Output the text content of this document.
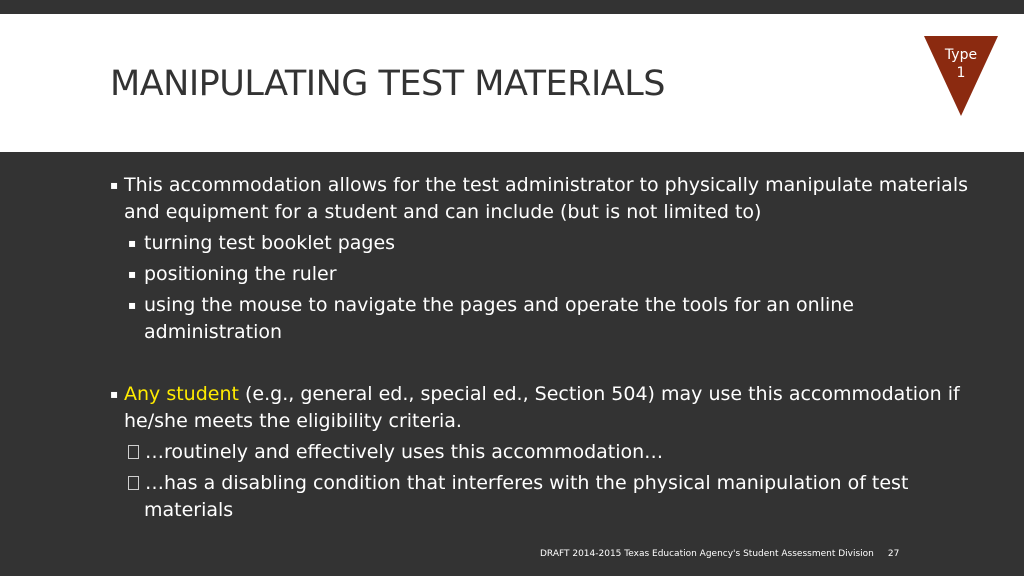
MANIPULATING TEST MATERIALS
Type
1
▪ This accommodation allows for the test administrator to physically manipulate materials and equipment for a student and can include (but is not limited to)
▪ turning test booklet pages
▪ positioning the ruler
▪ using the mouse to navigate the pages and operate the tools for an online administration
▪ Any student (e.g., general ed., special ed., Section 504) may use this accommodation if he/she meets the eligibility criteria.
…routinely and effectively uses this accommodation…
…has a disabling condition that interferes with the physical manipulation of test materials
DRAFT 2014-2015 Texas Education Agency's Student Assessment Division 27
